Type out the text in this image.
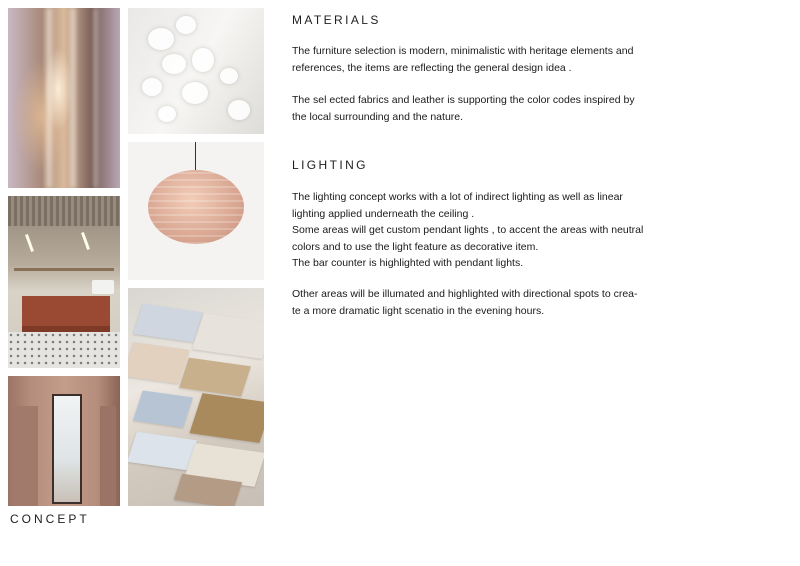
CONCEPT
MATERIALS

The furniture selection is modern, minimalistic with heritage elements and
references, the items are reflecting the general design idea .

The sel ected fabrics and leather is supporting the color codes inspired by
the local surrounding and the nature.

LIGHTING

The lighting concept works with a lot of indirect lighting as well as linear
lighting applied underneath the ceiling .
Some areas will get custom pendant lights , to accent the areas with neutral
colors and to use the light feature as decorative item.
The bar counter is highlighted with pendant lights.

Other areas will be illumated and highlighted with directional spots to crea-
te a more dramatic light scenatio in the evening hours.
